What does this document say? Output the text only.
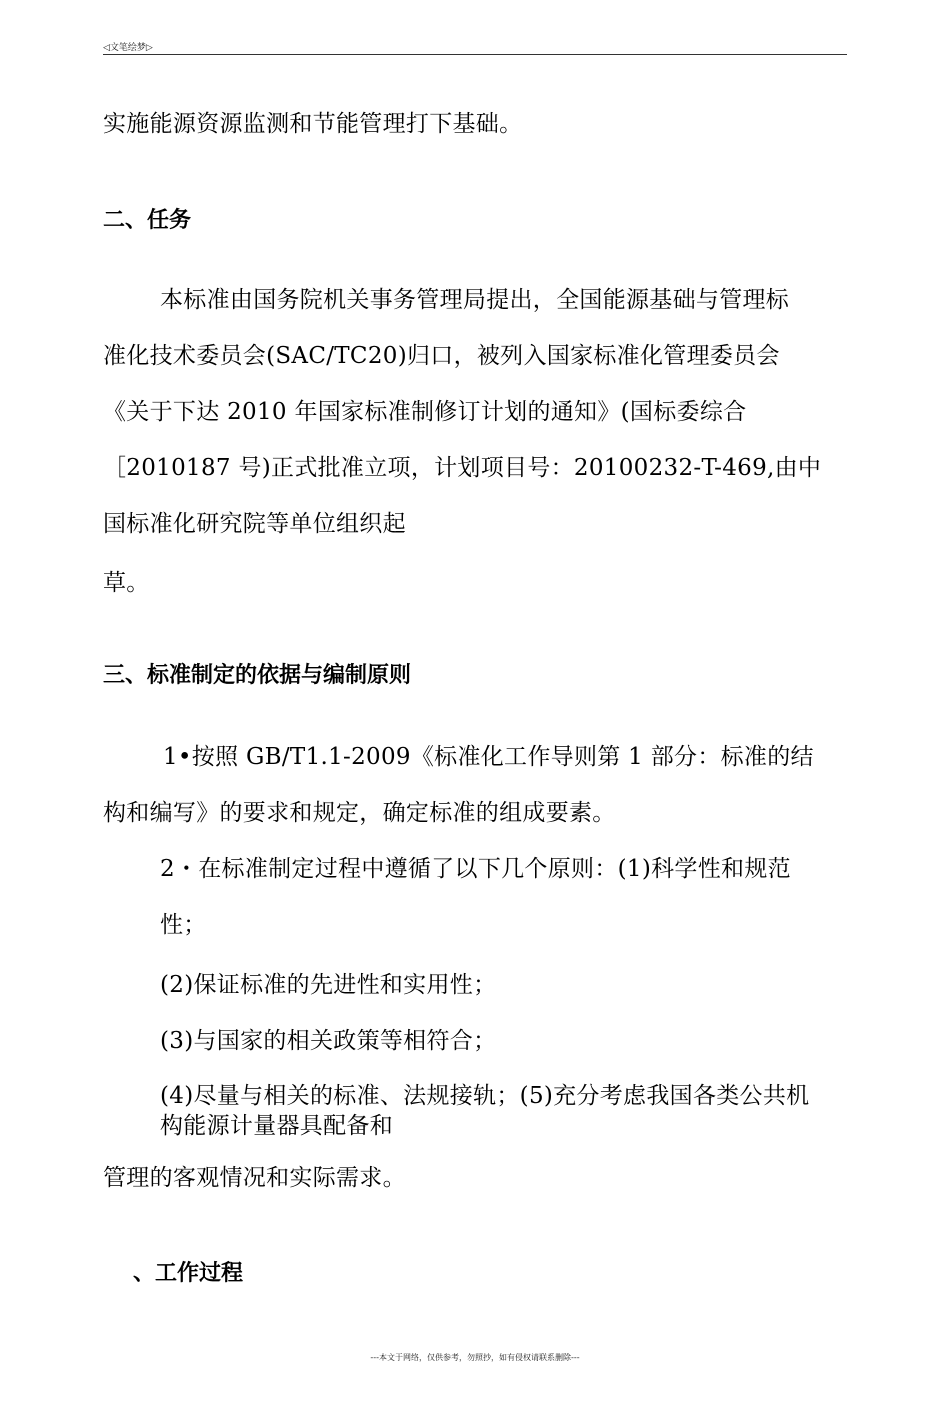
◁文笔绘梦▷
实施能源资源监测和节能管理打下基础。
二、任务
本标准由国务院机关事务管理局提出，全国能源基础与管理标
准化技术委员会(SAC/TC20)归口，被列入国家标准化管理委员会
《关于下达 2010 年国家标准制修订计划的通知》(国标委综合
［2010187 号)正式批准立项，计划项目号：20100232-T-469,由中
国标准化研究院等单位组织起
草。
三、标准制定的依据与编制原则
1•按照 GB/T1.1-2009《标准化工作导则第 1 部分：标准的结
构和编写》的要求和规定，确定标准的组成要素。
2・在标准制定过程中遵循了以下几个原则：(1)科学性和规范
性；
(2)保证标准的先进性和实用性；
(3)与国家的相关政策等相符合；
(4)尽量与相关的标准、法规接轨；(5)充分考虑我国各类公共机
构能源计量器具配备和
管理的客观情况和实际需求。
、工作过程
---本文于网络，仅供参考，勿照抄，如有侵权请联系删除---
